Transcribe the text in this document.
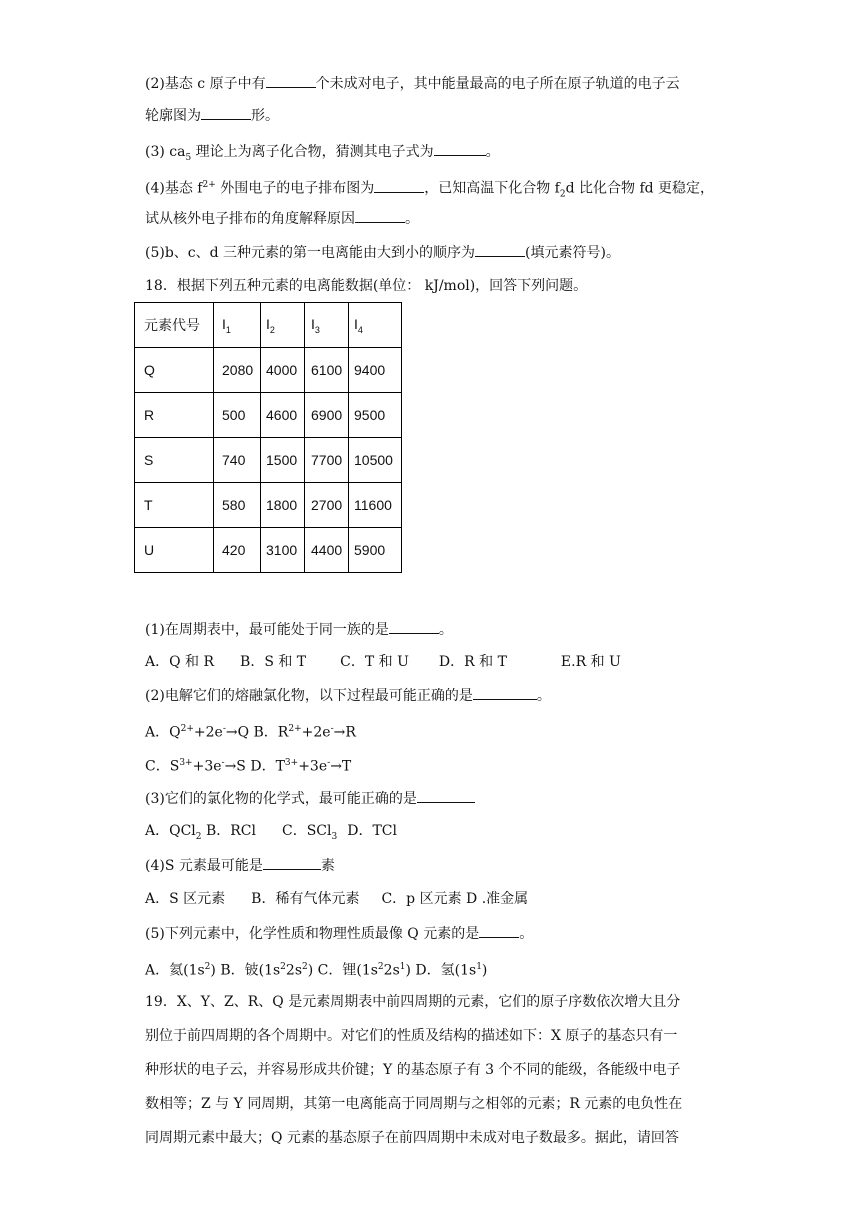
(2)基态 c 原子中有	个未成对电子，其中能量最高的电子所在原子轨道的电子云
轮廓图为	形。
(3) $ca_5$ 理论上为离子化合物，猜测其电子式为	。
(4)基态 $f^{2+}$ 外围电子的电子排布图为	，已知高温下化合物 $f_2d$ 比化合物 fd 更稳定，
试从核外电子排布的角度解释原因	。
(5)b、c、d 三种元素的第一电离能由大到小的顺序为	(填元素符号)。
18．根据下列五种元素的电离能数据(单位： kJ/mol)，回答下列问题。
元素代号	$I_1$	$I_2$	$I_3$	$I_4$
Q	2080	4000	6100	9400
R	500	4600	6900	9500
S	740	1500	7700	10500
T	580	1800	2700	11600
U	420	3100	4400	5900
(1)在周期表中，最可能处于同一族的是	。
A．Q 和 R B．S 和 T C．T 和 U D．R 和 T	E.R 和 U
(2)电解它们的熔融氯化物，以下过程最可能正确的是	。
A．$Q^{2+}+2e^-\to Q$ B．$R^{2+}+2e^-\to R$
C．$S^{3+}+3e^-\to S$ D．$T^{3+}+3e^-\to T$
(3)它们的氯化物的化学式，最可能正确的是
A．QCl$_2$ B．RCl C．SCl$_3$ D．TCl
(4)S 元素最可能是	素
A．S 区元素 B．稀有气体元素 C．p 区元素 D .准金属
(5)下列元素中，化学性质和物理性质最像 Q 元素的是	。
A．氦$(1s^2)$ B．铍$(1s^22s^2)$ C．锂$(1s^22s^1)$ D．氢$(1s^1)$
19．X、Y、Z、R、Q 是元素周期表中前四周期的元素，它们的原子序数依次增大且分
别位于前四周期的各个周期中。对它们的性质及结构的描述如下：X 原子的基态只有一
种形状的电子云，并容易形成共价键；Y 的基态原子有 3 个不同的能级，各能级中电子
数相等；Z 与 Y 同周期，其第一电离能高于同周期与之相邻的元素；R 元素的电负性在
同周期元素中最大；Q 元素的基态原子在前四周期中未成对电子数最多。据此，请回答
